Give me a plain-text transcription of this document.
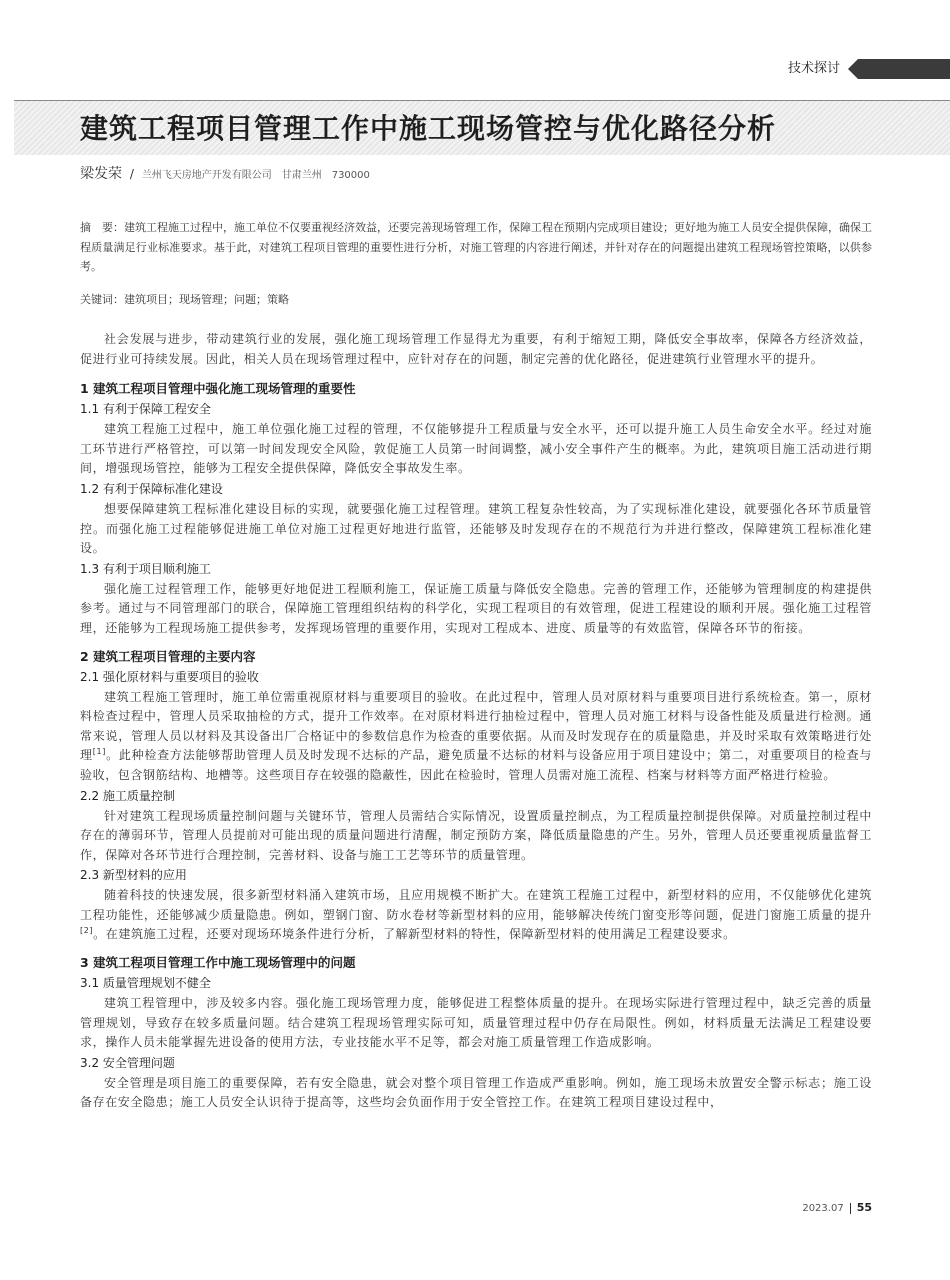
技术探讨
建筑工程项目管理工作中施工现场管控与优化路径分析
梁发荣 / 兰州飞天房地产开发有限公司　甘肃兰州　730000

摘　要：建筑工程施工过程中，施工单位不仅要重视经济效益，还要完善现场管理工作，保障工程在预期内完成项目建设；更好地为施工人员安全提供保障，确保工程质量满足行业标准要求。基于此，对建筑工程项目管理的重要性进行分析，对施工管理的内容进行阐述，并针对存在的问题提出建筑工程现场管控策略，以供参考。

关键词：建筑项目；现场管理；问题；策略

社会发展与进步，带动建筑行业的发展，强化施工现场管理工作显得尤为重要，有利于缩短工期，降低安全事故率，保障各方经济效益，促进行业可持续发展。因此，相关人员在现场管理过程中，应针对存在的问题，制定完善的优化路径，促进建筑行业管理水平的提升。

1 建筑工程项目管理中强化施工现场管理的重要性
1.1 有利于保障工程安全

建筑工程施工过程中，施工单位强化施工过程的管理，不仅能够提升工程质量与安全水平，还可以提升施工人员生命安全水平。经过对施工环节进行严格管控，可以第一时间发现安全风险，敦促施工人员第一时间调整，减小安全事件产生的概率。为此，建筑项目施工活动进行期间，增强现场管控，能够为工程安全提供保障，降低安全事故发生率。

1.2 有利于保障标准化建设

想要保障建筑工程标准化建设目标的实现，就要强化施工过程管理。建筑工程复杂性较高，为了实现标准化建设，就要强化各环节质量管控。而强化施工过程能够促进施工单位对施工过程更好地进行监管，还能够及时发现存在的不规范行为并进行整改，保障建筑工程标准化建设。

1.3 有利于项目顺利施工

强化施工过程管理工作，能够更好地促进工程顺利施工，保证施工质量与降低安全隐患。完善的管理工作，还能够为管理制度的构建提供参考。通过与不同管理部门的联合，保障施工管理组织结构的科学化，实现工程项目的有效管理，促进工程建设的顺利开展。强化施工过程管理，还能够为工程现场施工提供参考，发挥现场管理的重要作用，实现对工程成本、进度、质量等的有效监管，保障各环节的衔接。

2 建筑工程项目管理的主要内容
2.1 强化原材料与重要项目的验收

建筑工程施工管理时，施工单位需重视原材料与重要项目的验收。在此过程中，管理人员对原材料与重要项目进行系统检查。第一，原材料检查过程中，管理人员采取抽检的方式，提升工作效率。在对原材料进行抽检过程中，管理人员对施工材料与设备性能及质量进行检测。通常来说，管理人员以材料及其设备出厂合格证中的参数信息作为检查的重要依据。从而及时发现存在的质量隐患，并及时采取有效策略进行处理[1]。此种检查方法能够帮助管理人员及时发现不达标的产品，避免质量不达标的材料与设备应用于项目建设中；第二，对重要项目的检查与验收，包含钢筋结构、地槽等。这些项目存在较强的隐蔽性，因此在检验时，管理人员需对施工流程、档案与材料等方面严格进行检验。

2.2 施工质量控制

针对建筑工程现场质量控制问题与关键环节，管理人员需结合实际情况，设置质量控制点，为工程质量控制提供保障。对质量控制过程中存在的薄弱环节，管理人员提前对可能出现的质量问题进行清醒，制定预防方案，降低质量隐患的产生。另外，管理人员还要重视质量监督工作，保障对各环节进行合理控制，完善材料、设备与施工工艺等环节的质量管理。

2.3 新型材料的应用

随着科技的快速发展，很多新型材料涌入建筑市场，且应用规模不断扩大。在建筑工程施工过程中，新型材料的应用，不仅能够优化建筑工程功能性，还能够减少质量隐患。例如，塑钢门窗、防水卷材等新型材料的应用，能够解决传统门窗变形等问题，促进门窗施工质量的提升[2]。在建筑施工过程，还要对现场环境条件进行分析，了解新型材料的特性，保障新型材料的使用满足工程建设要求。

3 建筑工程项目管理工作中施工现场管理中的问题
3.1 质量管理规划不健全

建筑工程管理中，涉及较多内容。强化施工现场管理力度，能够促进工程整体质量的提升。在现场实际进行管理过程中，缺乏完善的质量管理规划，导致存在较多质量问题。结合建筑工程现场管理实际可知，质量管理过程中仍存在局限性。例如，材料质量无法满足工程建设要求，操作人员未能掌握先进设备的使用方法，专业技能水平不足等，都会对施工质量管理工作造成影响。

3.2 安全管理问题

安全管理是项目施工的重要保障，若有安全隐患，就会对整个项目管理工作造成严重影响。例如，施工现场未放置安全警示标志；施工设备存在安全隐患；施工人员安全认识待于提高等，这些均会负面作用于安全管控工作。在建筑工程项目建设过程中，

2023.07 55
